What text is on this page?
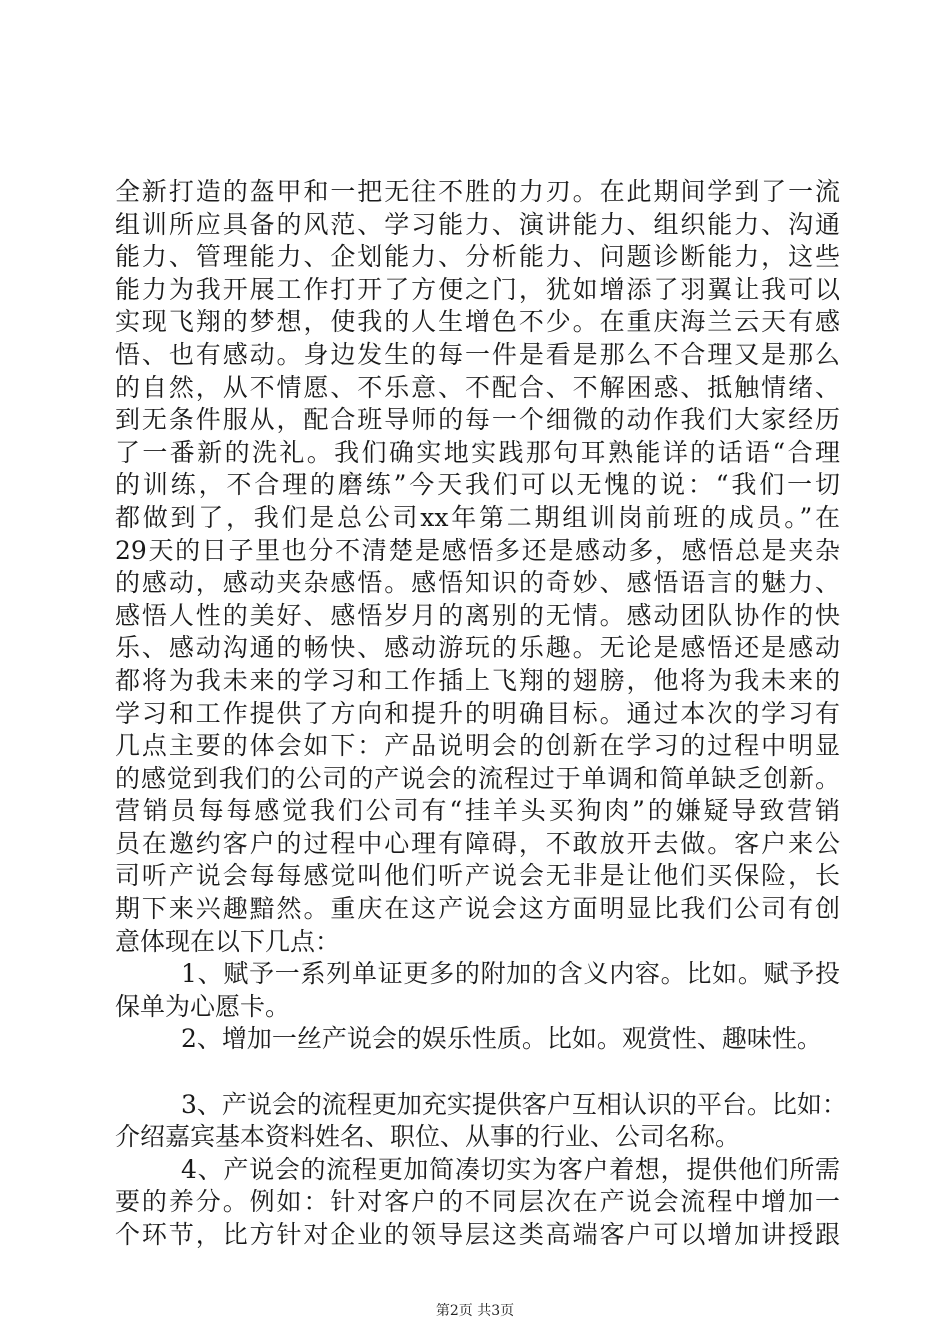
全新打造的盔甲和一把无往不胜的力刃。在此期间学到了一流
组训所应具备的风范、学习能力、演讲能力、组织能力、沟通
能力、管理能力、企划能力、分析能力、问题诊断能力，这些
能力为我开展工作打开了方便之门，犹如增添了羽翼让我可以
实现飞翔的梦想，使我的人生增色不少。在重庆海兰云天有感
悟、也有感动。身边发生的每一件是看是那么不合理又是那么
的自然，从不情愿、不乐意、不配合、不解困惑、抵触情绪、
到无条件服从，配合班导师的每一个细微的动作我们大家经历
了一番新的洗礼。我们确实地实践那句耳熟能详的话语“合理
的训练，不合理的磨练”今天我们可以无愧的说：“我们一切
都做到了，我们是总公司xx年第二期组训岗前班的成员。”在
29天的日子里也分不清楚是感悟多还是感动多，感悟总是夹杂
的感动，感动夹杂感悟。感悟知识的奇妙、感悟语言的魅力、
感悟人性的美好、感悟岁月的离别的无情。感动团队协作的快
乐、感动沟通的畅快、感动游玩的乐趣。无论是感悟还是感动
都将为我未来的学习和工作插上飞翔的翅膀，他将为我未来的
学习和工作提供了方向和提升的明确目标。通过本次的学习有
几点主要的体会如下：产品说明会的创新在学习的过程中明显
的感觉到我们的公司的产说会的流程过于单调和简单缺乏创新。
营销员每每感觉我们公司有“挂羊头买狗肉”的嫌疑导致营销
员在邀约客户的过程中心理有障碍，不敢放开去做。客户来公
司听产说会每每感觉叫他们听产说会无非是让他们买保险，长
期下来兴趣黯然。重庆在这产说会这方面明显比我们公司有创
意体现在以下几点：
1、赋予一系列单证更多的附加的含义内容。比如。赋予投
保单为心愿卡。
2、增加一丝产说会的娱乐性质。比如。观赏性、趣味性。
3、产说会的流程更加充实提供客户互相认识的平台。比如：
介绍嘉宾基本资料姓名、职位、从事的行业、公司名称。
4、产说会的流程更加简凑切实为客户着想，提供他们所需
要的养分。例如：针对客户的不同层次在产说会流程中增加一
个环节，比方针对企业的领导层这类高端客户可以增加讲授跟
第2页 共3页
